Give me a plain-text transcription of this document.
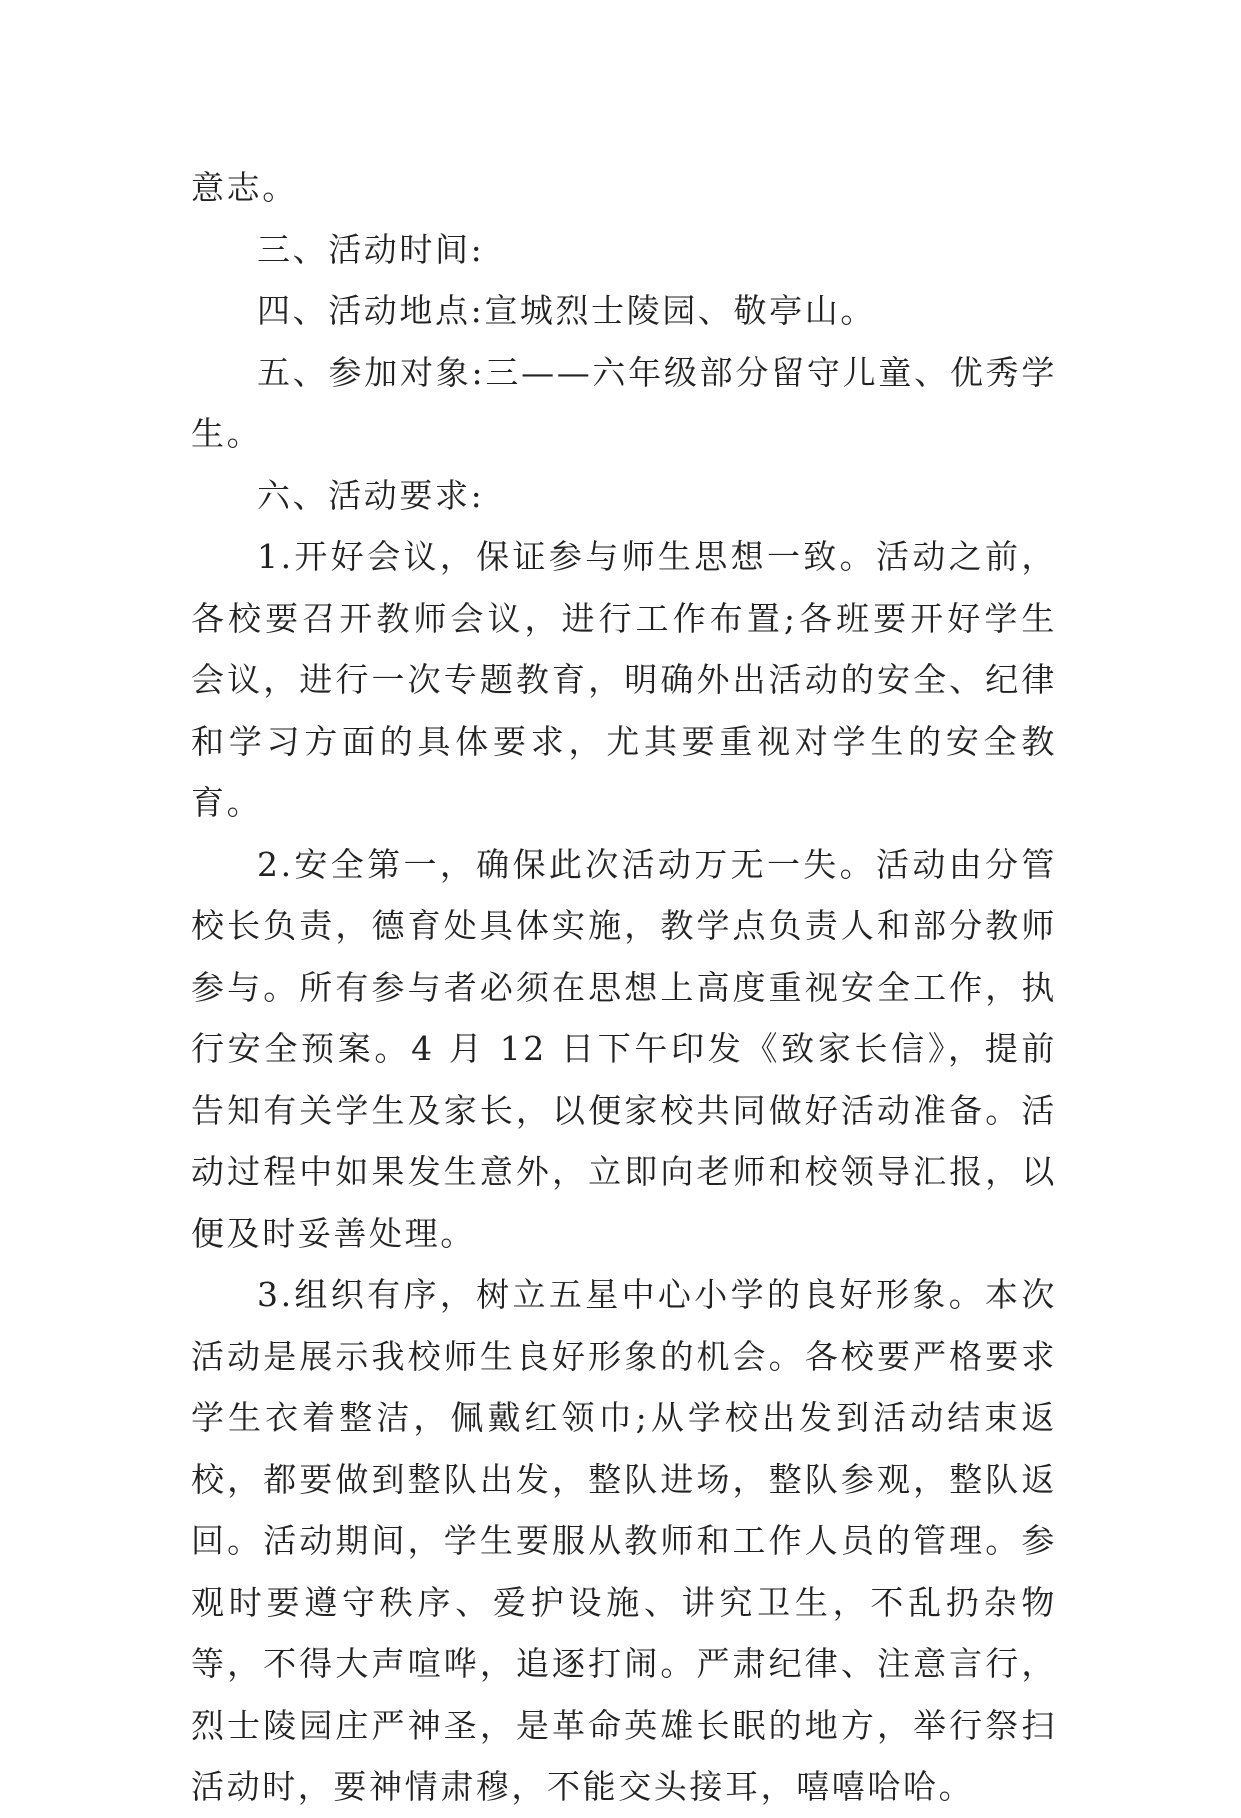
意志。

三、活动时间:

四、活动地点:宣城烈士陵园、敬亭山。

五、参加对象:三——六年级部分留守儿童、优秀学生。

六、活动要求:

1.开好会议，保证参与师生思想一致。活动之前，各校要召开教师会议，进行工作布置;各班要开好学生会议，进行一次专题教育，明确外出活动的安全、纪律和学习方面的具体要求，尤其要重视对学生的安全教育。

2.安全第一，确保此次活动万无一失。活动由分管校长负责，德育处具体实施，教学点负责人和部分教师参与。所有参与者必须在思想上高度重视安全工作，执行安全预案。4 月 12 日下午印发《致家长信》，提前告知有关学生及家长，以便家校共同做好活动准备。活动过程中如果发生意外，立即向老师和校领导汇报，以便及时妥善处理。

3.组织有序，树立五星中心小学的良好形象。本次活动是展示我校师生良好形象的机会。各校要严格要求学生衣着整洁，佩戴红领巾;从学校出发到活动结束返校，都要做到整队出发，整队进场，整队参观，整队返回。活动期间，学生要服从教师和工作人员的管理。参观时要遵守秩序、爱护设施、讲究卫生，不乱扔杂物等，不得大声喧哗，追逐打闹。严肃纪律、注意言行，烈士陵园庄严神圣，是革命英雄长眠的地方，举行祭扫活动时，要神情肃穆，不能交头接耳，嘻嘻哈哈。
